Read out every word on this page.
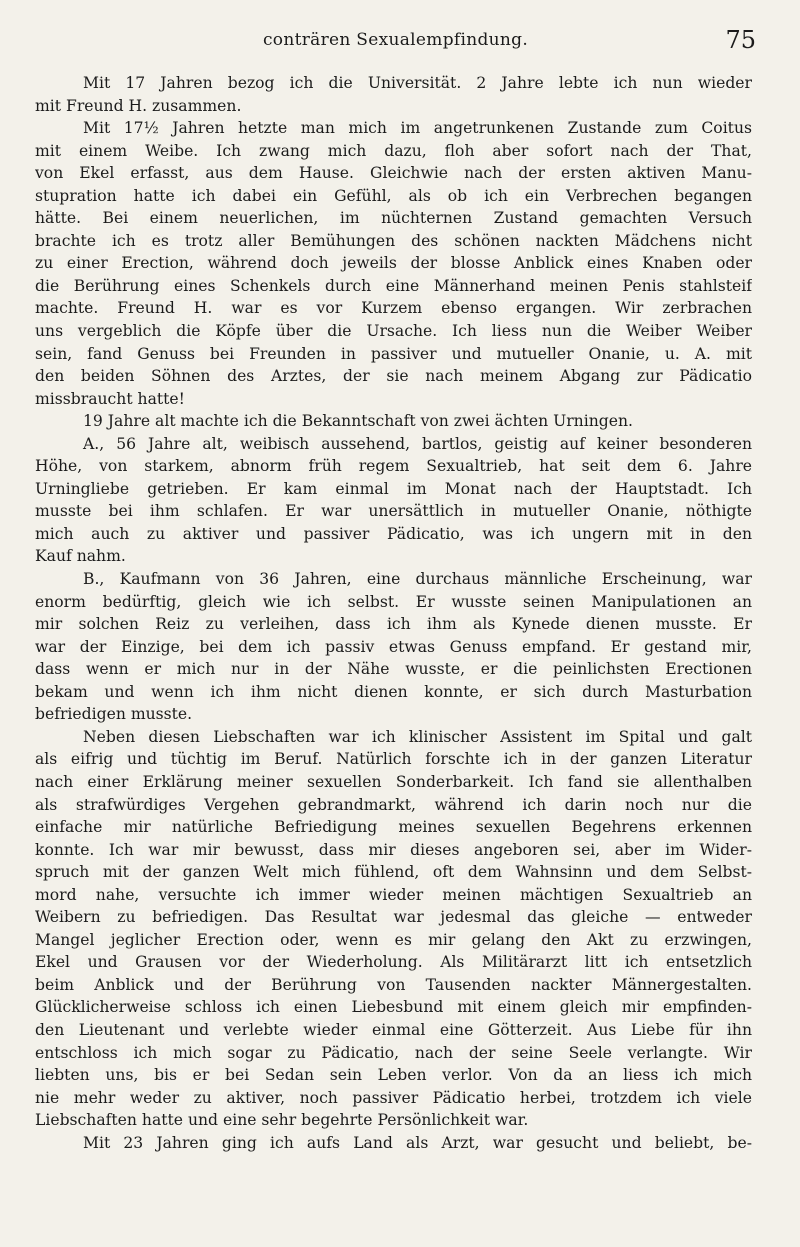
conträren Sexualempfindung.	75
Mit 17 Jahren bezog ich die Universität. 2 Jahre lebte ich nun wieder
mit Freund H. zusammen.
Mit 17½ Jahren hetzte man mich im angetrunkenen Zustande zum Coitus
mit einem Weibe. Ich zwang mich dazu, floh aber sofort nach der That,
von Ekel erfasst, aus dem Hause. Gleichwie nach der ersten aktiven Manu-
stupration hatte ich dabei ein Gefühl, als ob ich ein Verbrechen begangen
hätte. Bei einem neuerlichen, im nüchternen Zustand gemachten Versuch
brachte ich es trotz aller Bemühungen des schönen nackten Mädchens nicht
zu einer Erection, während doch jeweils der blosse Anblick eines Knaben oder
die Berührung eines Schenkels durch eine Männerhand meinen Penis stahlsteif
machte. Freund H. war es vor Kurzem ebenso ergangen. Wir zerbrachen
uns vergeblich die Köpfe über die Ursache. Ich liess nun die Weiber Weiber
sein, fand Genuss bei Freunden in passiver und mutueller Onanie, u. A. mit
den beiden Söhnen des Arztes, der sie nach meinem Abgang zur Pädicatio
missbraucht hatte!
19 Jahre alt machte ich die Bekanntschaft von zwei ächten Urningen.
A., 56 Jahre alt, weibisch aussehend, bartlos, geistig auf keiner besonderen
Höhe, von starkem, abnorm früh regem Sexualtrieb, hat seit dem 6. Jahre
Urningliebe getrieben. Er kam einmal im Monat nach der Hauptstadt. Ich
musste bei ihm schlafen. Er war unersättlich in mutueller Onanie, nöthigte
mich auch zu aktiver und passiver Pädicatio, was ich ungern mit in den
Kauf nahm.
B., Kaufmann von 36 Jahren, eine durchaus männliche Erscheinung, war
enorm bedürftig, gleich wie ich selbst. Er wusste seinen Manipulationen an
mir solchen Reiz zu verleihen, dass ich ihm als Kynede dienen musste. Er
war der Einzige, bei dem ich passiv etwas Genuss empfand. Er gestand mir,
dass wenn er mich nur in der Nähe wusste, er die peinlichsten Erectionen
bekam und wenn ich ihm nicht dienen konnte, er sich durch Masturbation
befriedigen musste.
Neben diesen Liebschaften war ich klinischer Assistent im Spital und galt
als eifrig und tüchtig im Beruf. Natürlich forschte ich in der ganzen Literatur
nach einer Erklärung meiner sexuellen Sonderbarkeit. Ich fand sie allenthalben
als strafwürdiges Vergehen gebrandmarkt, während ich darin noch nur die
einfache mir natürliche Befriedigung meines sexuellen Begehrens erkennen
konnte. Ich war mir bewusst, dass mir dieses angeboren sei, aber im Wider-
spruch mit der ganzen Welt mich fühlend, oft dem Wahnsinn und dem Selbst-
mord nahe, versuchte ich immer wieder meinen mächtigen Sexualtrieb an
Weibern zu befriedigen. Das Resultat war jedesmal das gleiche — entweder
Mangel jeglicher Erection oder, wenn es mir gelang den Akt zu erzwingen,
Ekel und Grausen vor der Wiederholung. Als Militärarzt litt ich entsetzlich
beim Anblick und der Berührung von Tausenden nackter Männergestalten.
Glücklicherweise schloss ich einen Liebesbund mit einem gleich mir empfinden-
den Lieutenant und verlebte wieder einmal eine Götterzeit. Aus Liebe für ihn
entschloss ich mich sogar zu Pädicatio, nach der seine Seele verlangte. Wir
liebten uns, bis er bei Sedan sein Leben verlor. Von da an liess ich mich
nie mehr weder zu aktiver, noch passiver Pädicatio herbei, trotzdem ich viele
Liebschaften hatte und eine sehr begehrte Persönlichkeit war.
Mit 23 Jahren ging ich aufs Land als Arzt, war gesucht und beliebt, be-
